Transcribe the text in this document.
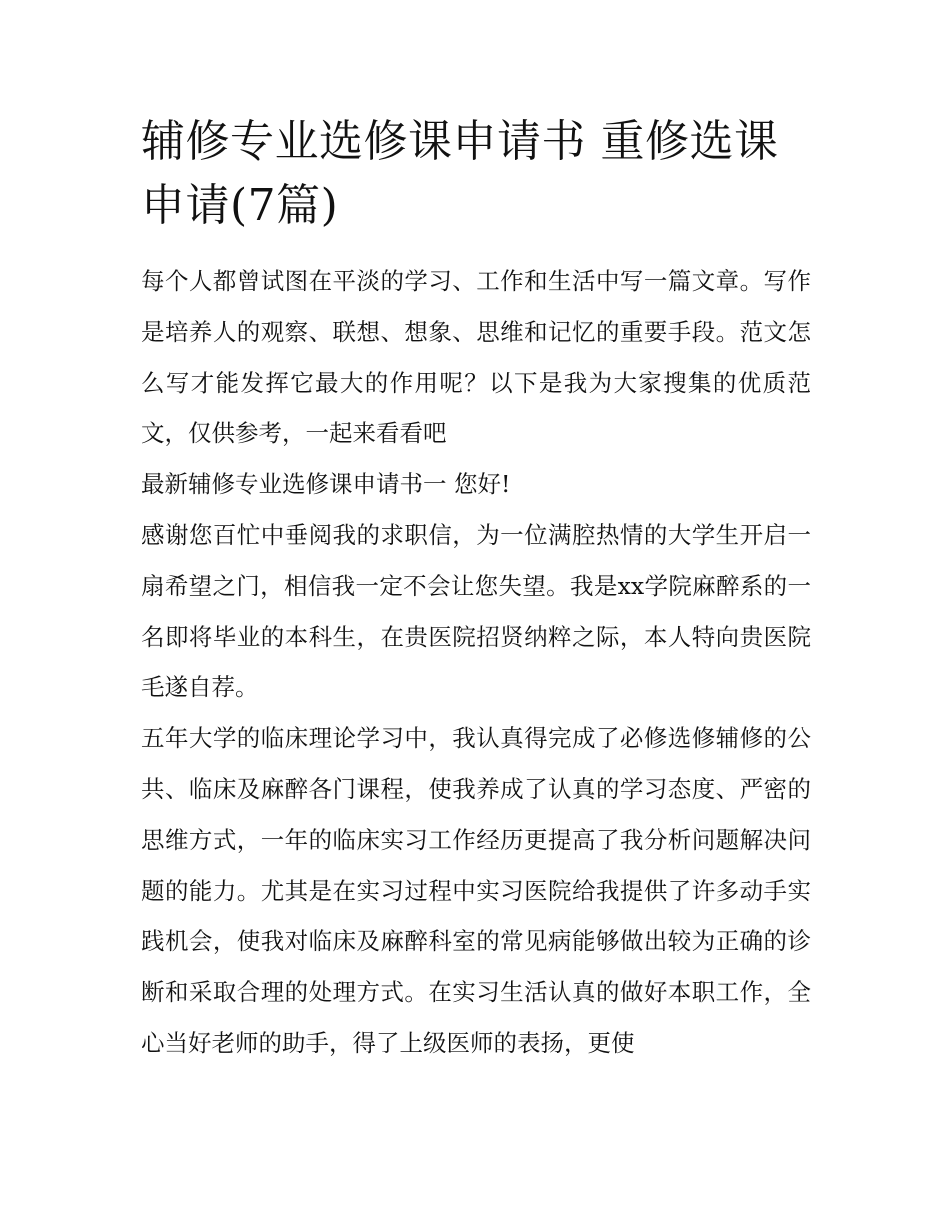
辅修专业选修课申请书 重修选课申请(7篇)

每个人都曾试图在平淡的学习、工作和生活中写一篇文章。写作是培养人的观察、联想、想象、思维和记忆的重要手段。范文怎么写才能发挥它最大的作用呢？以下是我为大家搜集的优质范文，仅供参考，一起来看看吧

最新辅修专业选修课申请书一 您好!

感谢您百忙中垂阅我的求职信，为一位满腔热情的大学生开启一扇希望之门，相信我一定不会让您失望。我是xx学院麻醉系的一名即将毕业的本科生，在贵医院招贤纳粹之际，本人特向贵医院毛遂自荐。

五年大学的临床理论学习中，我认真得完成了必修选修辅修的公共、临床及麻醉各门课程，使我养成了认真的学习态度、严密的思维方式，一年的临床实习工作经历更提高了我分析问题解决问题的能力。尤其是在实习过程中实习医院给我提供了许多动手实践机会，使我对临床及麻醉科室的常见病能够做出较为正确的诊断和采取合理的处理方式。在实习生活认真的做好本职工作，全心当好老师的助手，得了上级医师的表扬，更使
